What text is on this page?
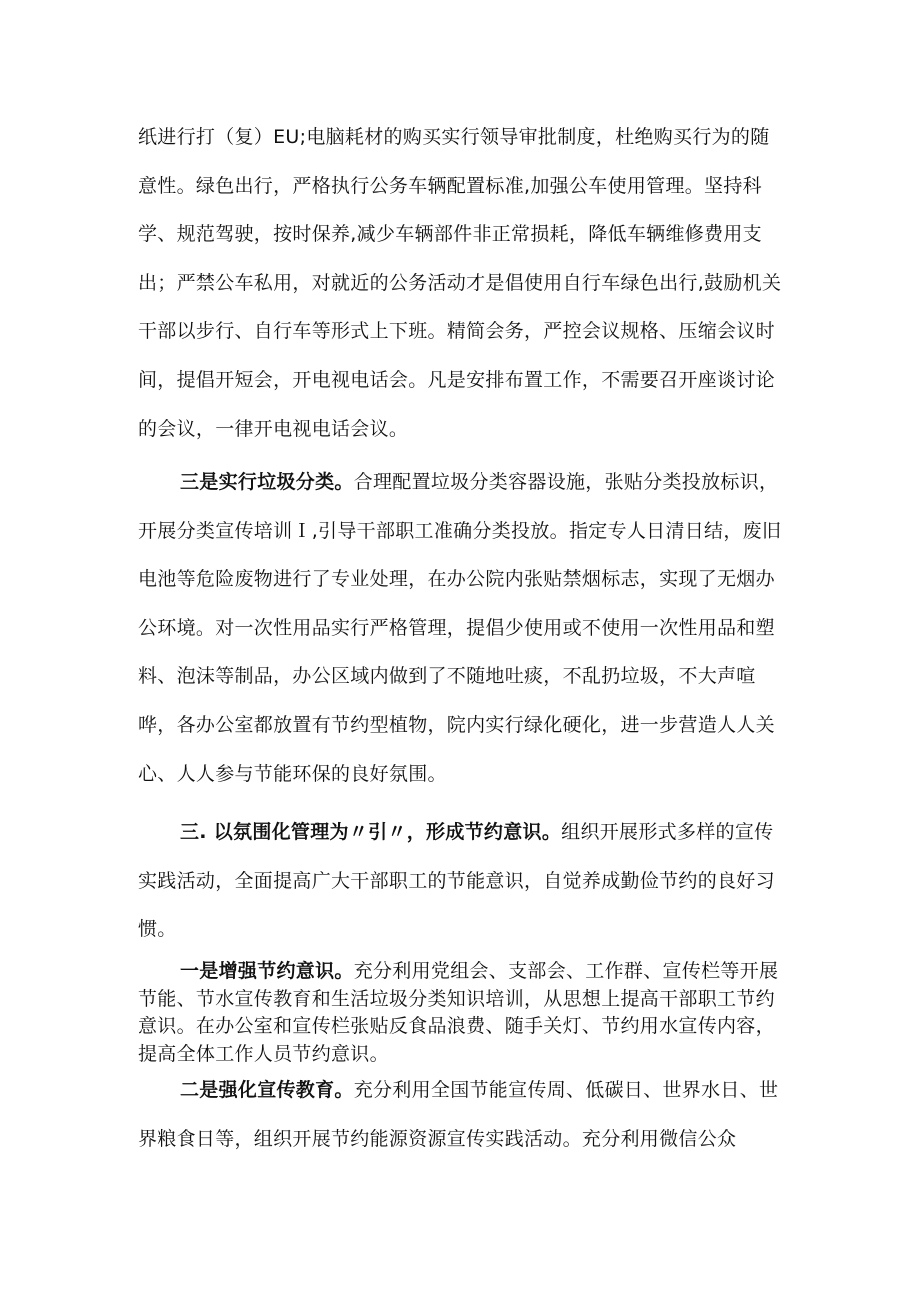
纸进行打（复）EU;电脑耗材的购买实行领导审批制度，杜绝购买行为的随意性。绿色出行，严格执行公务车辆配置标准,加强公车使用管理。坚持科学、规范驾驶，按时保养,减少车辆部件非正常损耗，降低车辆维修费用支出；严禁公车私用，对就近的公务活动才是倡使用自行车绿色出行,鼓励机关干部以步行、自行车等形式上下班。精简会务，严控会议规格、压缩会议时间，提倡开短会，开电视电话会。凡是安排布置工作，不需要召开座谈讨论的会议，一律开电视电话会议。

三是实行垃圾分类。合理配置垃圾分类容器设施，张贴分类投放标识，开展分类宣传培训Ｉ,引导干部职工准确分类投放。指定专人日清日结，废旧电池等危险废物进行了专业处理，在办公院内张贴禁烟标志，实现了无烟办公环境。对一次性用品实行严格管理，提倡少使用或不使用一次性用品和塑料、泡沫等制品，办公区域内做到了不随地吐痰，不乱扔垃圾，不大声喧哗，各办公室都放置有节约型植物，院内实行绿化硬化，进一步营造人人关心、人人参与节能环保的良好氛围。

三. 以氛围化管理为〃引〃，形成节约意识。组织开展形式多样的宣传实践活动，全面提高广大干部职工的节能意识，自觉养成勤俭节约的良好习惯。

一是增强节约意识。充分利用党组会、支部会、工作群、宣传栏等开展节能、节水宣传教育和生活垃圾分类知识培训，从思想上提高干部职工节约意识。在办公室和宣传栏张贴反食品浪费、随手关灯、节约用水宣传内容，提高全体工作人员节约意识。

二是强化宣传教育。充分利用全国节能宣传周、低碳日、世界水日、世界粮食日等，组织开展节约能源资源宣传实践活动。充分利用微信公众
